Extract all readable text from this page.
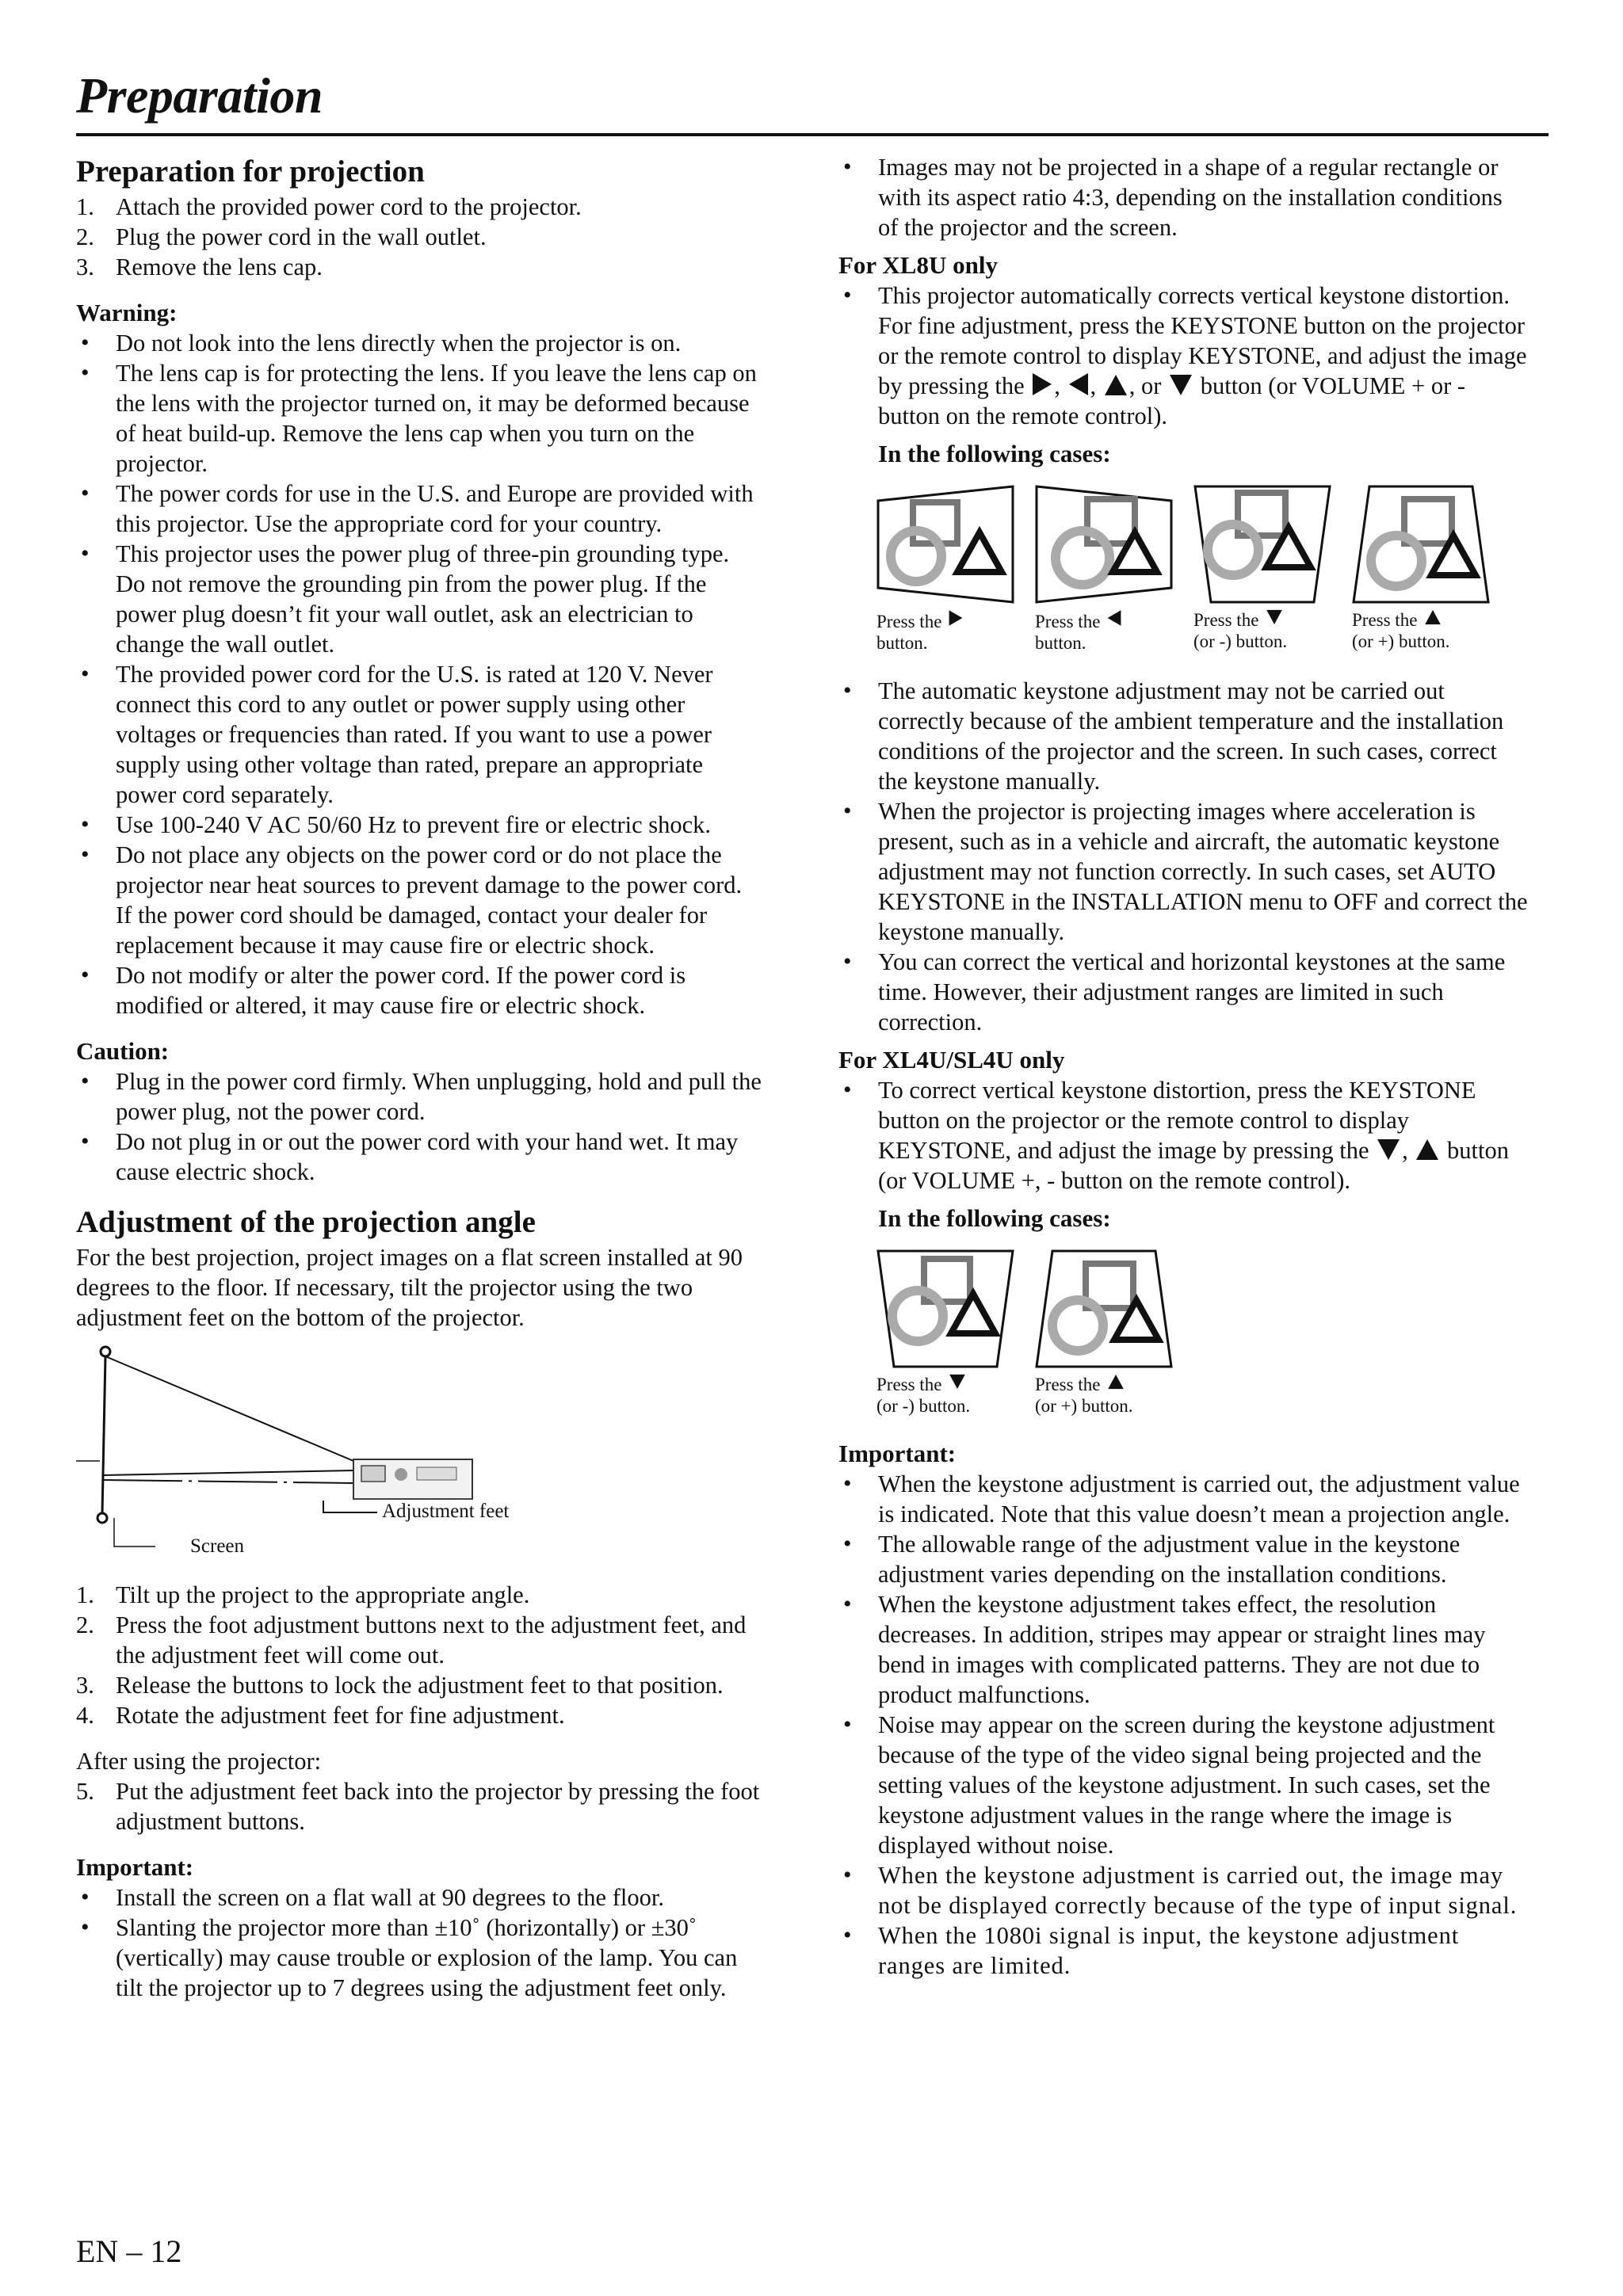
Preparation
Preparation for projection
1. Attach the provided power cord to the projector.
2. Plug the power cord in the wall outlet.
3. Remove the lens cap.
Warning:
• Do not look into the lens directly when the projector is on.
• The lens cap is for protecting the lens. If you leave the lens cap on the lens with the projector turned on, it may be deformed because of heat build-up. Remove the lens cap when you turn on the projector.
• The power cords for use in the U.S. and Europe are provided with this projector. Use the appropriate cord for your country.
• This projector uses the power plug of three-pin grounding type. Do not remove the grounding pin from the power plug. If the power plug doesn’t fit your wall outlet, ask an electrician to change the wall outlet.
• The provided power cord for the U.S. is rated at 120 V. Never connect this cord to any outlet or power supply using other voltages or frequencies than rated. If you want to use a power supply using other voltage than rated, prepare an appropriate power cord separately.
• Use 100-240 V AC 50/60 Hz to prevent fire or electric shock.
• Do not place any objects on the power cord or do not place the projector near heat sources to prevent damage to the power cord. If the power cord should be damaged, contact your dealer for replacement because it may cause fire or electric shock.
• Do not modify or alter the power cord. If the power cord is modified or altered, it may cause fire or electric shock.
Caution:
• Plug in the power cord firmly. When unplugging, hold and pull the power plug, not the power cord.
• Do not plug in or out the power cord with your hand wet. It may cause electric shock.
Adjustment of the projection angle
For the best projection, project images on a flat screen installed at 90 degrees to the floor. If necessary, tilt the projector using the two adjustment feet on the bottom of the projector.
Adjustment feet
Screen
1. Tilt up the project to the appropriate angle.
2. Press the foot adjustment buttons next to the adjustment feet, and the adjustment feet will come out.
3. Release the buttons to lock the adjustment feet to that position.
4. Rotate the adjustment feet for fine adjustment.
After using the projector:
5. Put the adjustment feet back into the projector by pressing the foot adjustment buttons.
Important:
• Install the screen on a flat wall at 90 degrees to the floor.
• Slanting the projector more than ±10˚ (horizontally) or ±30˚ (vertically) may cause trouble or explosion of the lamp. You can tilt the projector up to 7 degrees using the adjustment feet only.
• Images may not be projected in a shape of a regular rectangle or with its aspect ratio 4:3, depending on the installation conditions of the projector and the screen.
For XL8U only
• This projector automatically corrects vertical keystone distortion. For fine adjustment, press the KEYSTONE button on the projector or the remote control to display KEYSTONE, and adjust the image by pressing the , , , or button (or VOLUME + or - button on the remote control).
In the following cases:
Press the
button.
Press the
button.
Press the
(or -) button.
Press the
(or +) button.
• The automatic keystone adjustment may not be carried out correctly because of the ambient temperature and the installation conditions of the projector and the screen. In such cases, correct the keystone manually.
• When the projector is projecting images where acceleration is present, such as in a vehicle and aircraft, the automatic keystone adjustment may not function correctly. In such cases, set AUTO KEYSTONE in the INSTALLATION menu to OFF and correct the keystone manually.
• You can correct the vertical and horizontal keystones at the same time. However, their adjustment ranges are limited in such correction.
For XL4U/SL4U only
• To correct vertical keystone distortion, press the KEYSTONE button on the projector or the remote control to display KEYSTONE, and adjust the image by pressing the , button (or VOLUME +, - button on the remote control).
In the following cases:
Press the
(or -) button.
Press the
(or +) button.
Important:
• When the keystone adjustment is carried out, the adjustment value is indicated. Note that this value doesn’t mean a projection angle.
• The allowable range of the adjustment value in the keystone adjustment varies depending on the installation conditions.
• When the keystone adjustment takes effect, the resolution decreases. In addition, stripes may appear or straight lines may bend in images with complicated patterns. They are not due to product malfunctions.
• Noise may appear on the screen during the keystone adjustment because of the type of the video signal being projected and the setting values of the keystone adjustment. In such cases, set the keystone adjustment values in the range where the image is displayed without noise.
• When the keystone adjustment is carried out, the image may not be displayed correctly because of the type of input signal.
• When the 1080i signal is input, the keystone adjustment ranges are limited.
EN – 12
